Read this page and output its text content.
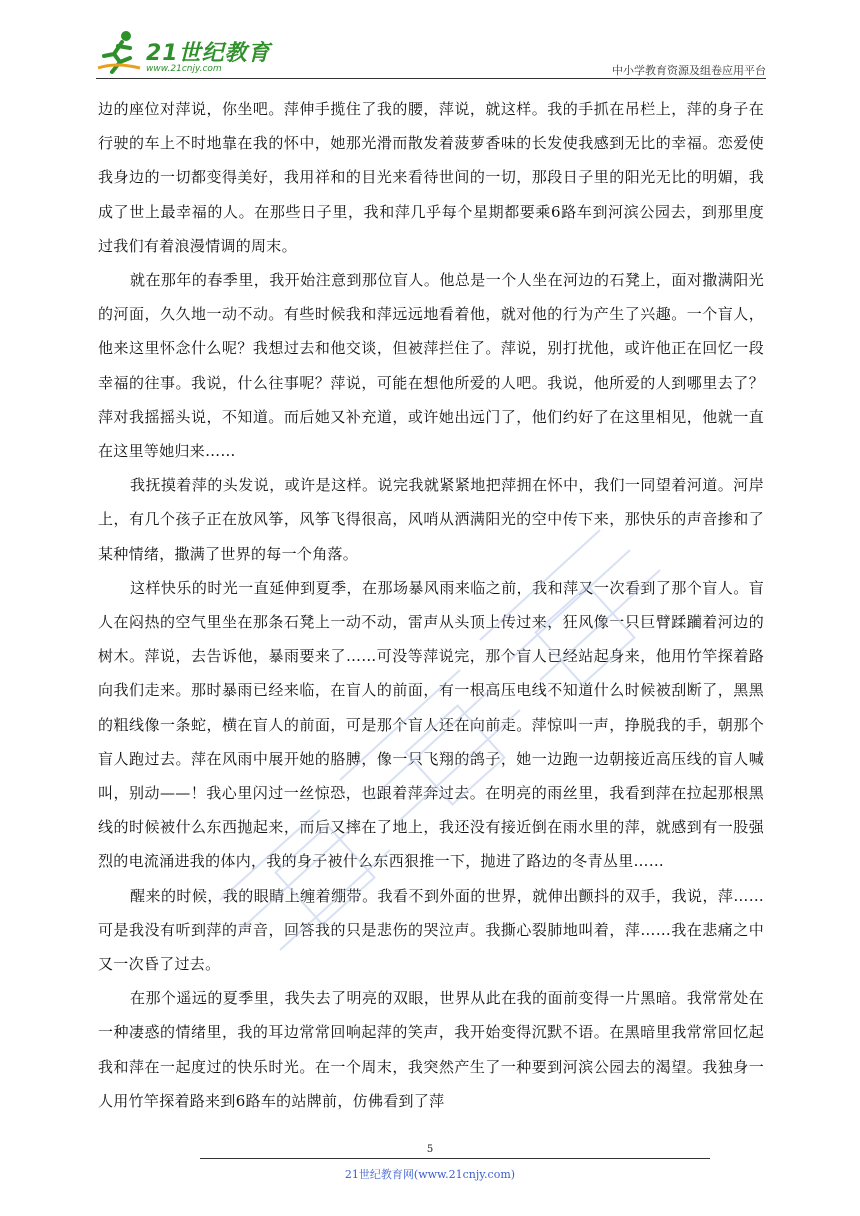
21世纪教育
www.21cnjy.com	中小学教育资源及组卷应用平台

边的座位对萍说，你坐吧。萍伸手揽住了我的腰，萍说，就这样。我的手抓在吊栏上，萍的身子在行驶的车上不时地靠在我的怀中，她那光滑而散发着菠萝香味的长发使我感到无比的幸福。恋爱使我身边的一切都变得美好，我用祥和的目光来看待世间的一切，那段日子里的阳光无比的明媚，我成了世上最幸福的人。在那些日子里，我和萍几乎每个星期都要乘6路车到河滨公园去，到那里度过我们有着浪漫情调的周末。

就在那年的春季里，我开始注意到那位盲人。他总是一个人坐在河边的石凳上，面对撒满阳光的河面，久久地一动不动。有些时候我和萍远远地看着他，就对他的行为产生了兴趣。一个盲人，他来这里怀念什么呢？我想过去和他交谈，但被萍拦住了。萍说，别打扰他，或许他正在回忆一段幸福的往事。我说，什么往事呢？萍说，可能在想他所爱的人吧。我说，他所爱的人到哪里去了？萍对我摇摇头说，不知道。而后她又补充道，或许她出远门了，他们约好了在这里相见，他就一直在这里等她归来……

我抚摸着萍的头发说，或许是这样。说完我就紧紧地把萍拥在怀中，我们一同望着河道。河岸上，有几个孩子正在放风筝，风筝飞得很高，风哨从洒满阳光的空中传下来，那快乐的声音掺和了某种情绪，撒满了世界的每一个角落。

这样快乐的时光一直延伸到夏季，在那场暴风雨来临之前，我和萍又一次看到了那个盲人。盲人在闷热的空气里坐在那条石凳上一动不动，雷声从头顶上传过来，狂风像一只巨臂蹂躏着河边的树木。萍说，去告诉他，暴雨要来了……可没等萍说完，那个盲人已经站起身来，他用竹竿探着路向我们走来。那时暴雨已经来临，在盲人的前面，有一根高压电线不知道什么时候被刮断了，黑黑的粗线像一条蛇，横在盲人的前面，可是那个盲人还在向前走。萍惊叫一声，挣脱我的手，朝那个盲人跑过去。萍在风雨中展开她的胳膊，像一只飞翔的鸽子，她一边跑一边朝接近高压线的盲人喊叫，别动——！我心里闪过一丝惊恐，也跟着萍奔过去。在明亮的雨丝里，我看到萍在拉起那根黑线的时候被什么东西抛起来，而后又摔在了地上，我还没有接近倒在雨水里的萍，就感到有一股强烈的电流涌进我的体内，我的身子被什么东西狠推一下，抛进了路边的冬青丛里……

醒来的时候，我的眼睛上缠着绷带。我看不到外面的世界，就伸出颤抖的双手，我说，萍……可是我没有听到萍的声音，回答我的只是悲伤的哭泣声。我撕心裂肺地叫着，萍……我在悲痛之中又一次昏了过去。

在那个遥远的夏季里，我失去了明亮的双眼，世界从此在我的面前变得一片黑暗。我常常处在一种凄惑的情绪里，我的耳边常常回响起萍的笑声，我开始变得沉默不语。在黑暗里我常常回忆起我和萍在一起度过的快乐时光。在一个周末，我突然产生了一种要到河滨公园去的渴望。我独身一人用竹竿探着路来到6路车的站牌前，仿佛看到了萍

5
21世纪教育网(www.21cnjy.com)
